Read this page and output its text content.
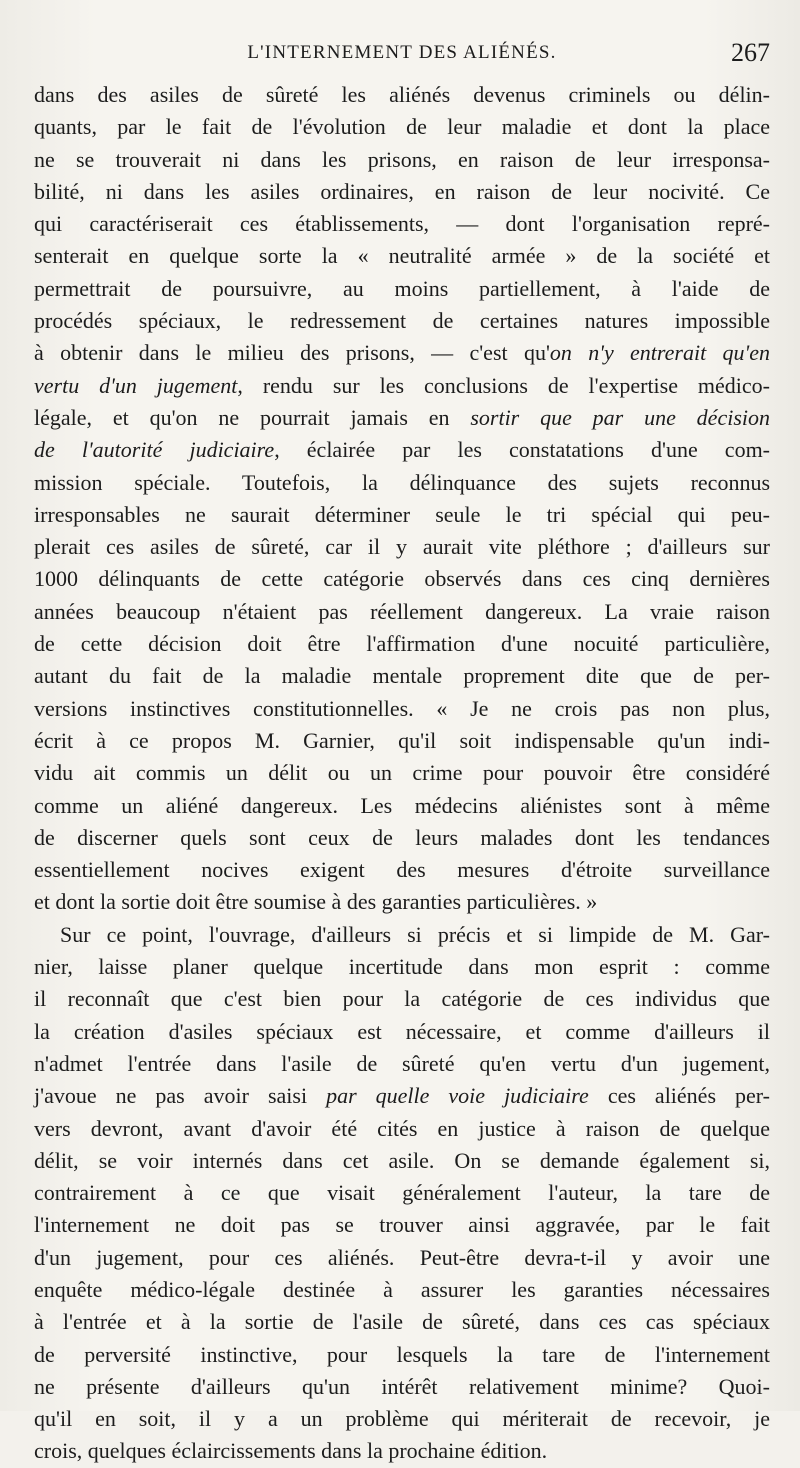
L'INTERNEMENT DES ALIÉNÉS.	267
dans des asiles de sûreté les aliénés devenus criminels ou délin-
quants, par le fait de l'évolution de leur maladie et dont la place
ne se trouverait ni dans les prisons, en raison de leur irresponsa-
bilité, ni dans les asiles ordinaires, en raison de leur nocivité. Ce
qui caractériserait ces établissements, — dont l'organisation repré-
senterait en quelque sorte la « neutralité armée » de la société et
permettrait de poursuivre, au moins partiellement, à l'aide de
procédés spéciaux, le redressement de certaines natures impossible
à obtenir dans le milieu des prisons, — c'est qu'on n'y entrerait qu'en
vertu d'un jugement, rendu sur les conclusions de l'expertise médico-
légale, et qu'on ne pourrait jamais en sortir que par une décision
de l'autorité judiciaire, éclairée par les constatations d'une com-
mission spéciale. Toutefois, la délinquance des sujets reconnus
irresponsables ne saurait déterminer seule le tri spécial qui peu-
plerait ces asiles de sûreté, car il y aurait vite pléthore ; d'ailleurs sur
1000 délinquants de cette catégorie observés dans ces cinq dernières
années beaucoup n'étaient pas réellement dangereux. La vraie raison
de cette décision doit être l'affirmation d'une nocuité particulière,
autant du fait de la maladie mentale proprement dite que de per-
versions instinctives constitutionnelles. « Je ne crois pas non plus,
écrit à ce propos M. Garnier, qu'il soit indispensable qu'un indi-
vidu ait commis un délit ou un crime pour pouvoir être considéré
comme un aliéné dangereux. Les médecins aliénistes sont à même
de discerner quels sont ceux de leurs malades dont les tendances
essentiellement nocives exigent des mesures d'étroite surveillance
et dont la sortie doit être soumise à des garanties particulières. »
Sur ce point, l'ouvrage, d'ailleurs si précis et si limpide de M. Gar-
nier, laisse planer quelque incertitude dans mon esprit : comme
il reconnaît que c'est bien pour la catégorie de ces individus que
la création d'asiles spéciaux est nécessaire, et comme d'ailleurs il
n'admet l'entrée dans l'asile de sûreté qu'en vertu d'un jugement,
j'avoue ne pas avoir saisi par quelle voie judiciaire ces aliénés per-
vers devront, avant d'avoir été cités en justice à raison de quelque
délit, se voir internés dans cet asile. On se demande également si,
contrairement à ce que visait généralement l'auteur, la tare de
l'internement ne doit pas se trouver ainsi aggravée, par le fait
d'un jugement, pour ces aliénés. Peut-être devra-t-il y avoir une
enquête médico-légale destinée à assurer les garanties nécessaires
à l'entrée et à la sortie de l'asile de sûreté, dans ces cas spéciaux
de perversité instinctive, pour lesquels la tare de l'internement
ne présente d'ailleurs qu'un intérêt relativement minime? Quoi-
qu'il en soit, il y a un problème qui mériterait de recevoir, je
crois, quelques éclaircissements dans la prochaine édition.
